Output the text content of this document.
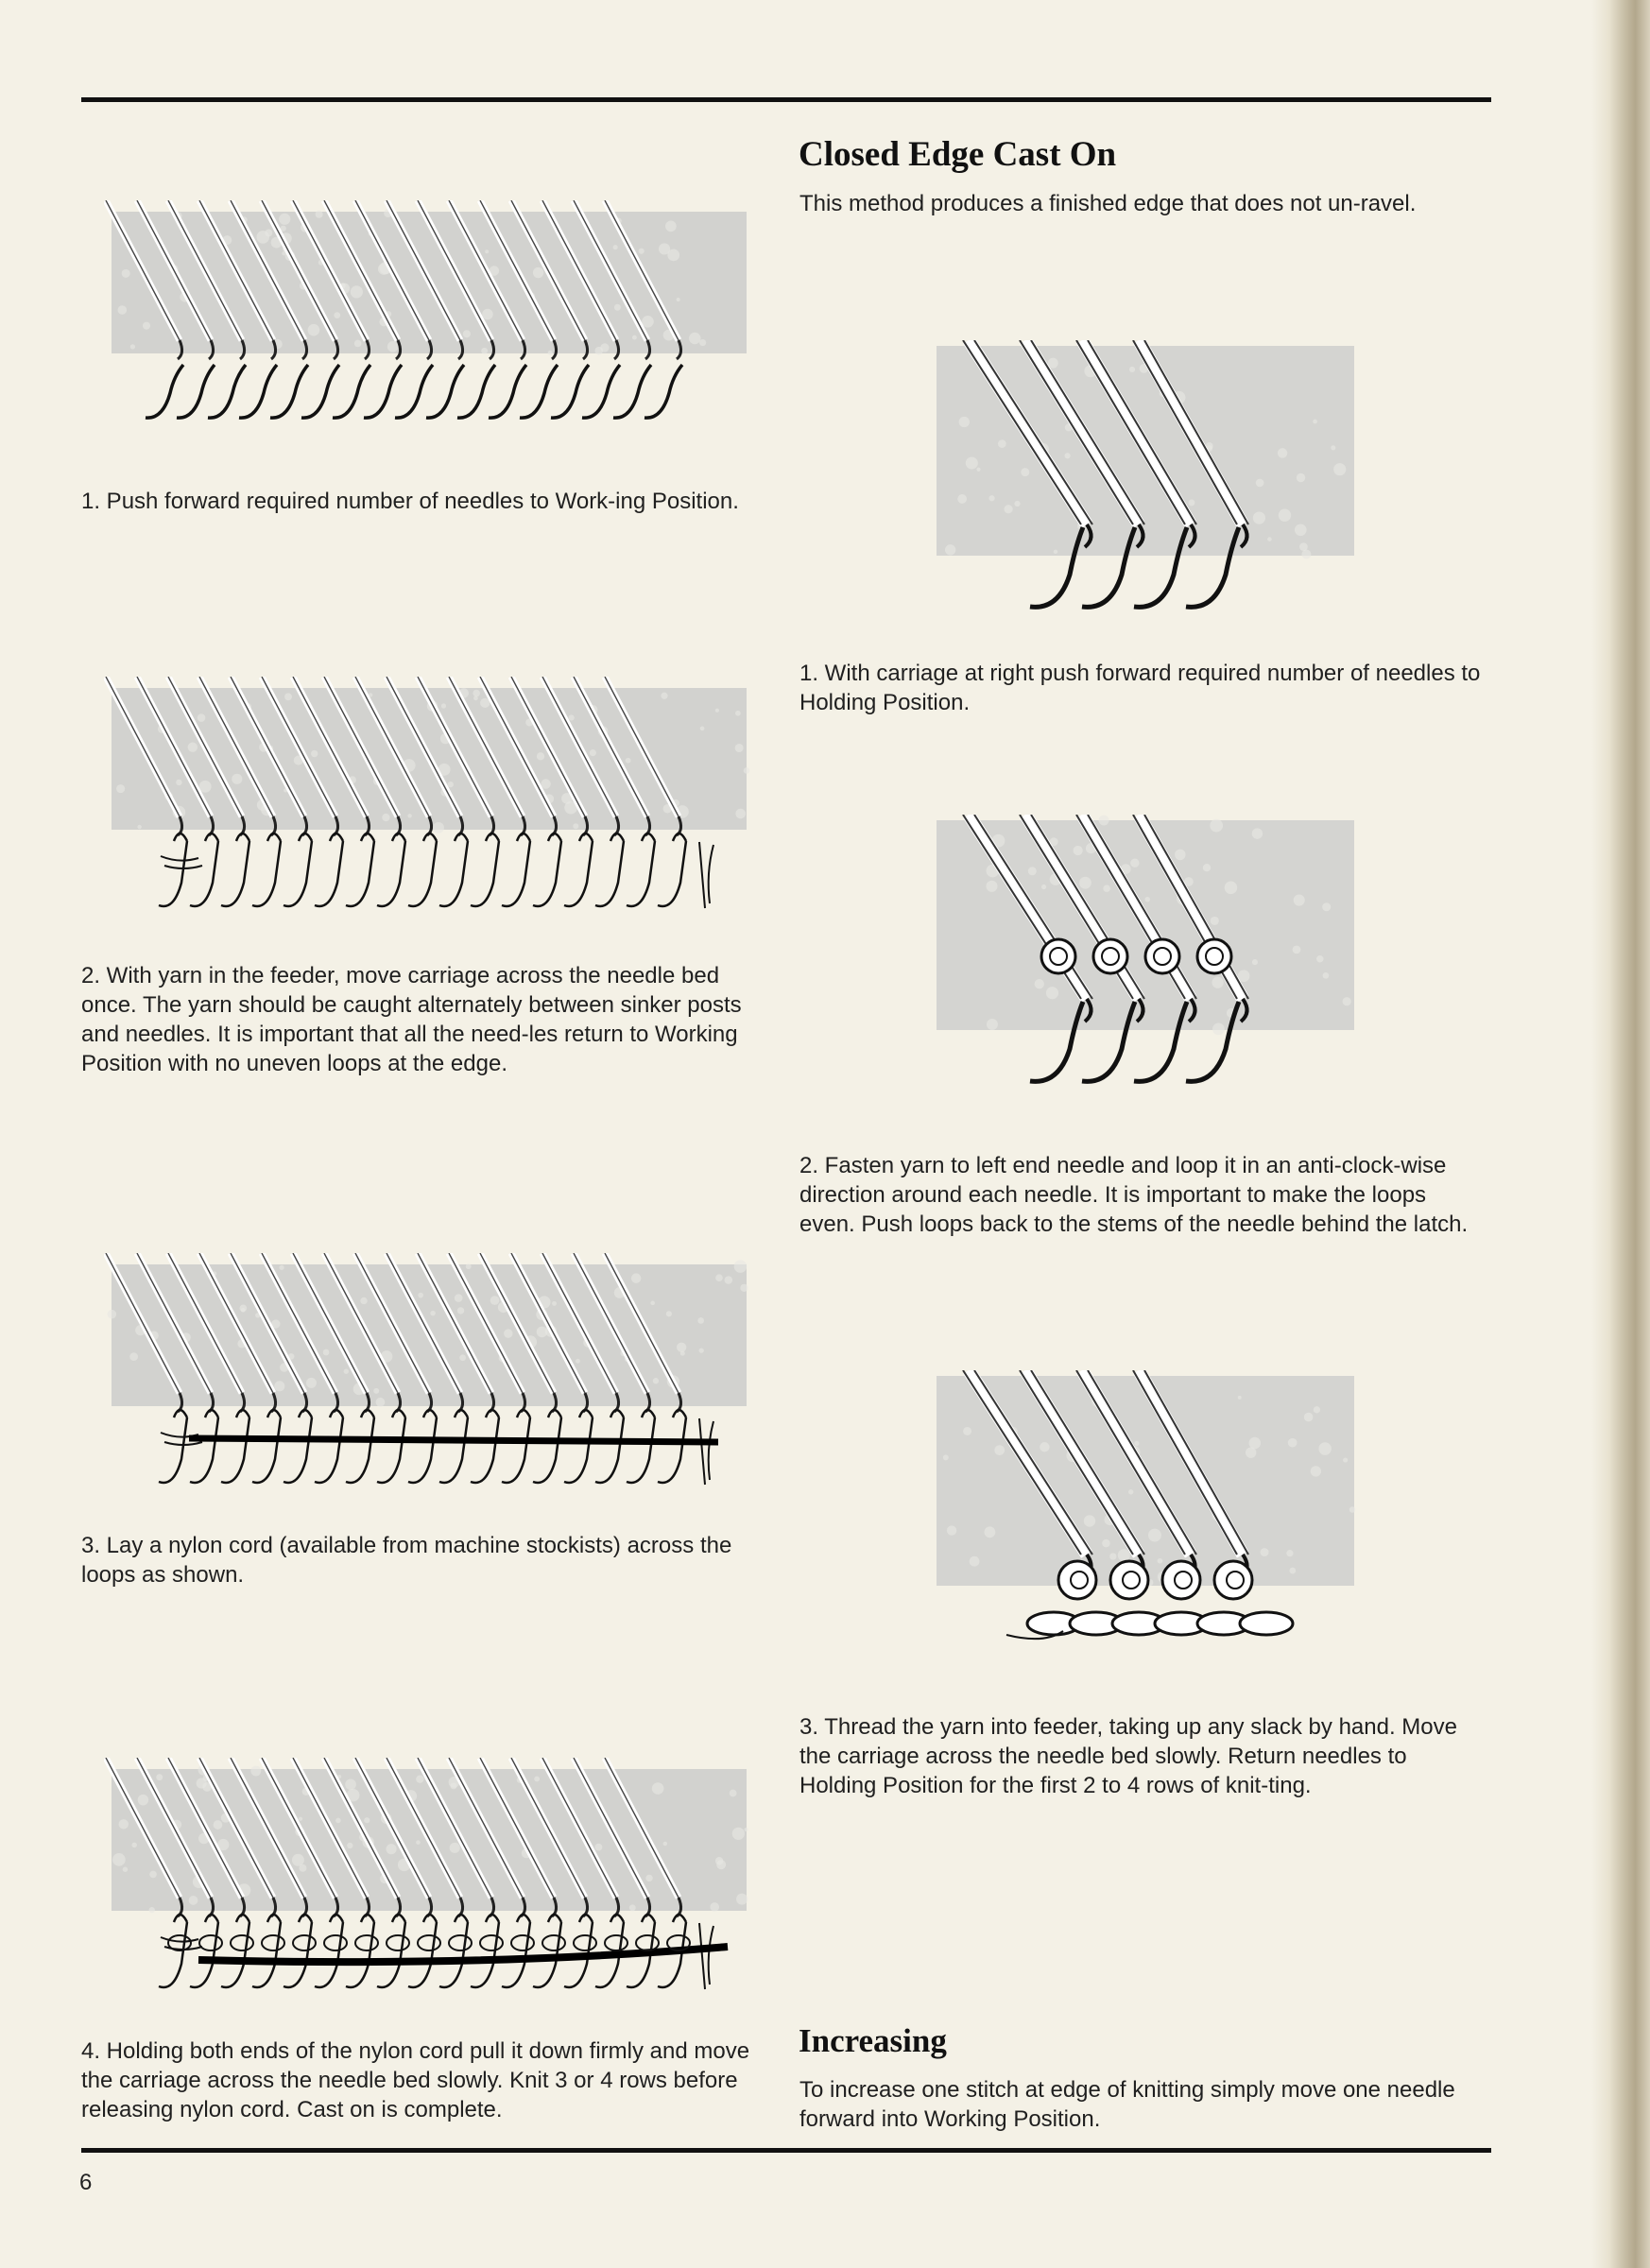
Closed Edge Cast On

This method produces a finished edge that does not un-ravel.

1. Push forward required number of needles to Work-ing Position.

2. With yarn in the feeder, move carriage across the needle bed once. The yarn should be caught alternately between sinker posts and needles. It is important that all the need-les return to Working Position with no uneven loops at the edge.

3. Lay a nylon cord (available from machine stockists) across the loops as shown.

4. Holding both ends of the nylon cord pull it down firmly and move the carriage across the needle bed slowly. Knit 3 or 4 rows before releasing nylon cord. Cast on is complete.

1. With carriage at right push forward required number of needles to Holding Position.

2. Fasten yarn to left end needle and loop it in an anti-clock-wise direction around each needle. It is important to make the loops even. Push loops back to the stems of the needle behind the latch.

3. Thread the yarn into feeder, taking up any slack by hand. Move the carriage across the needle bed slowly. Return needles to Holding Position for the first 2 to 4 rows of knit-ting.

Increasing

To increase one stitch at edge of knitting simply move one needle forward into Working Position.

6
